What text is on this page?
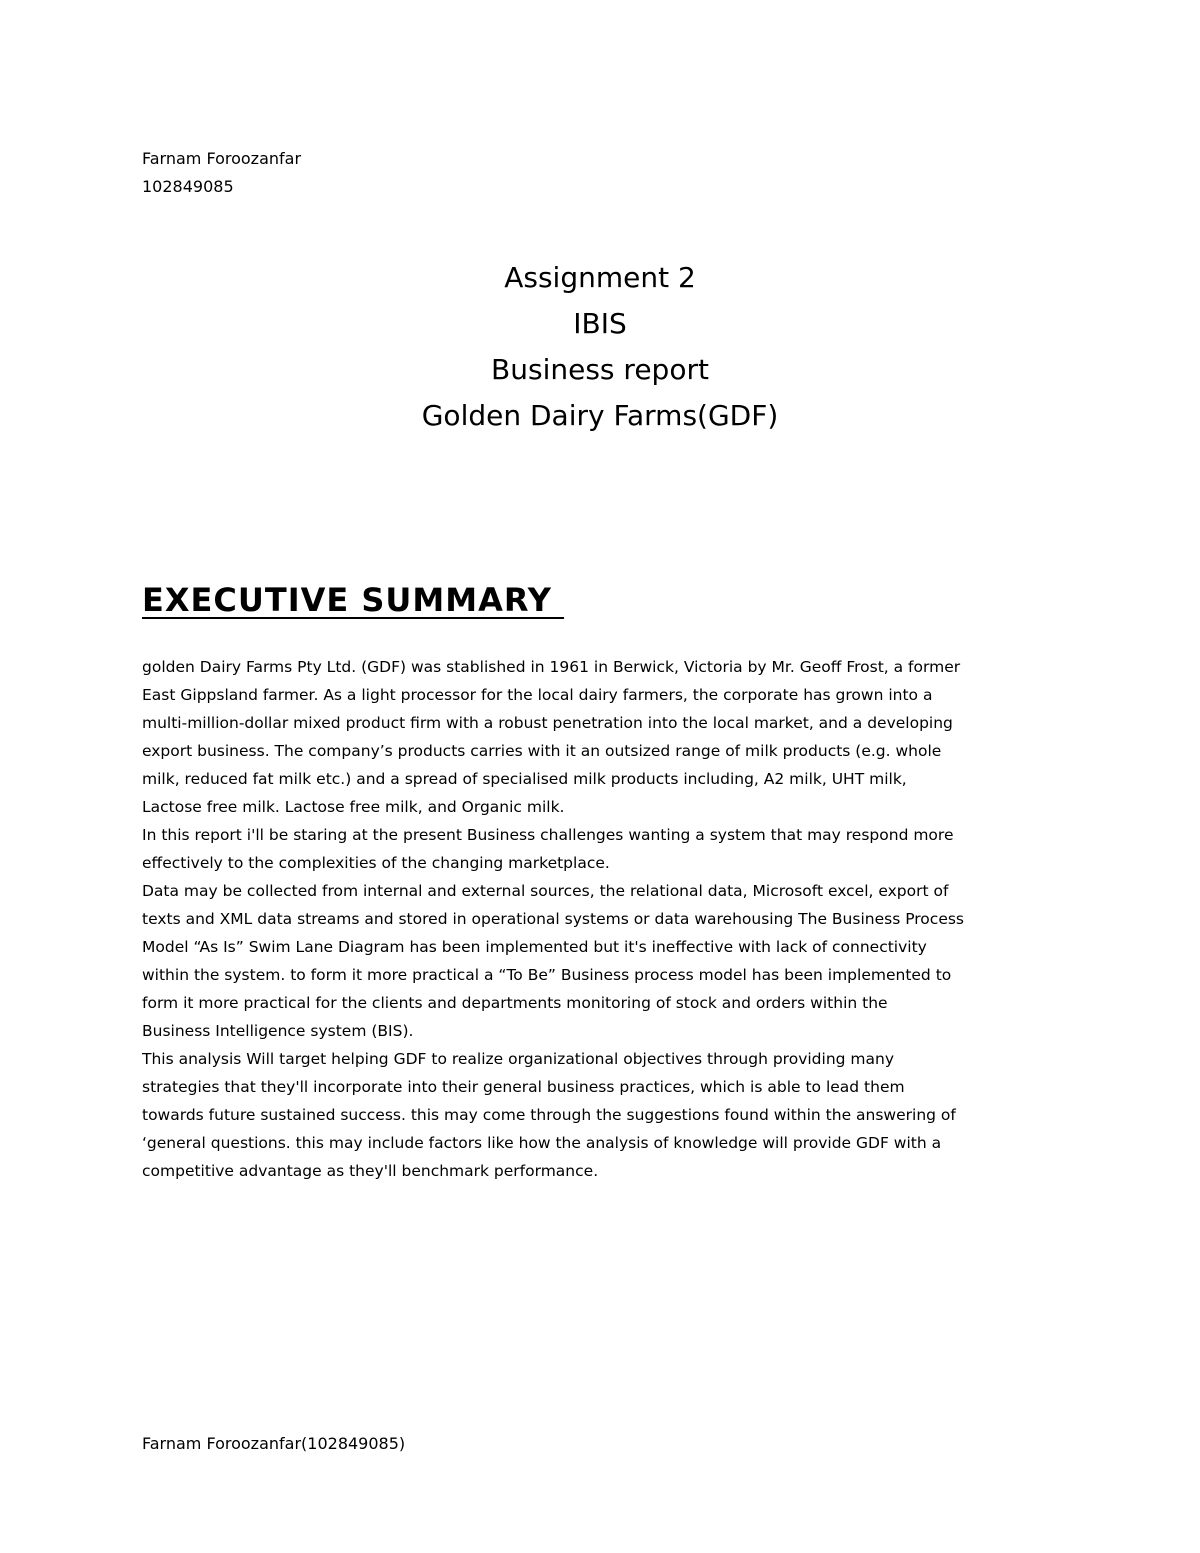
Farnam Foroozanfar
102849085
Assignment 2
IBIS
Business report
Golden Dairy Farms(GDF)
EXECUTIVE SUMMARY
golden Dairy Farms Pty Ltd. (GDF) was stablished in 1961 in Berwick, Victoria by Mr. Geoff Frost, a former
East Gippsland farmer. As a light processor for the local dairy farmers, the corporate has grown into a
multi-million-dollar mixed product firm with a robust penetration into the local market, and a developing
export business. The company’s products carries with it an outsized range of milk products (e.g. whole
milk, reduced fat milk etc.) and a spread of specialised milk products including, A2 milk, UHT milk,
Lactose free milk. Lactose free milk, and Organic milk.
In this report i'll be staring at the present Business challenges wanting a system that may respond more
effectively to the complexities of the changing marketplace.
Data may be collected from internal and external sources, the relational data, Microsoft excel, export of
texts and XML data streams and stored in operational systems or data warehousing The Business Process
Model “As Is” Swim Lane Diagram has been implemented but it's ineffective with lack of connectivity
within the system. to form it more practical a “To Be” Business process model has been implemented to
form it more practical for the clients and departments monitoring of stock and orders within the
Business Intelligence system (BIS).
This analysis Will target helping GDF to realize organizational objectives through providing many
strategies that they'll incorporate into their general business practices, which is able to lead them
towards future sustained success. this may come through the suggestions found within the answering of
‘general questions. this may include factors like how the analysis of knowledge will provide GDF with a
competitive advantage as they'll benchmark performance.
Farnam Foroozanfar(102849085)
